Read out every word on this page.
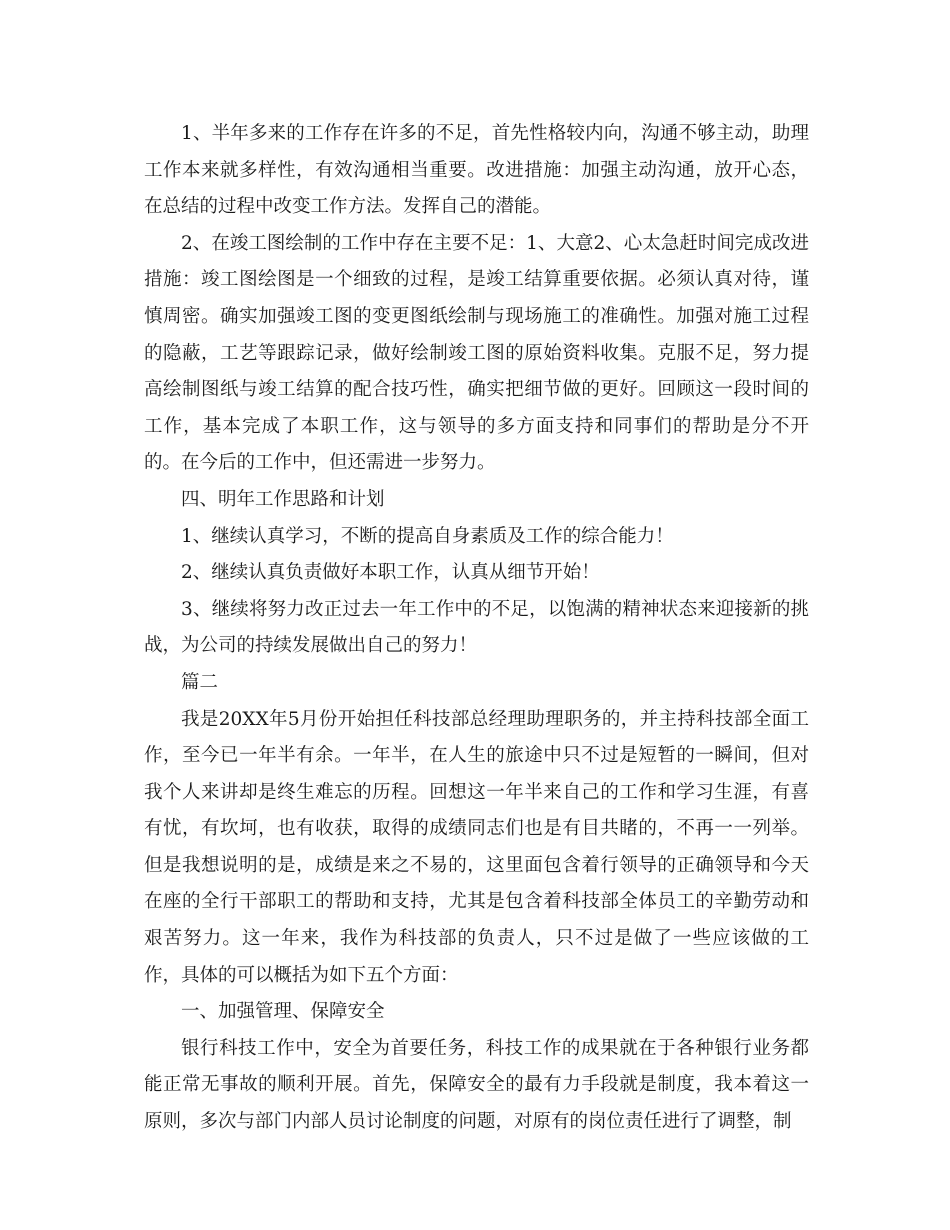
1、半年多来的工作存在许多的不足，首先性格较内向，沟通不够主动，助理工作本来就多样性，有效沟通相当重要。改进措施：加强主动沟通，放开心态，在总结的过程中改变工作方法。发挥自己的潜能。

2、在竣工图绘制的工作中存在主要不足：1、大意2、心太急赶时间完成改进措施：竣工图绘图是一个细致的过程，是竣工结算重要依据。必须认真对待，谨慎周密。确实加强竣工图的变更图纸绘制与现场施工的准确性。加强对施工过程的隐蔽，工艺等跟踪记录，做好绘制竣工图的原始资料收集。克服不足，努力提高绘制图纸与竣工结算的配合技巧性，确实把细节做的更好。回顾这一段时间的工作，基本完成了本职工作，这与领导的多方面支持和同事们的帮助是分不开的。在今后的工作中，但还需进一步努力。

四、明年工作思路和计划

1、继续认真学习，不断的提高自身素质及工作的综合能力！

2、继续认真负责做好本职工作，认真从细节开始！

3、继续将努力改正过去一年工作中的不足，以饱满的精神状态来迎接新的挑战，为公司的持续发展做出自己的努力！

篇二

我是20XX年5月份开始担任科技部总经理助理职务的，并主持科技部全面工作，至今已一年半有余。一年半，在人生的旅途中只不过是短暂的一瞬间，但对我个人来讲却是终生难忘的历程。回想这一年半来自己的工作和学习生涯，有喜有忧，有坎坷，也有收获，取得的成绩同志们也是有目共睹的，不再一一列举。但是我想说明的是，成绩是来之不易的，这里面包含着行领导的正确领导和今天在座的全行干部职工的帮助和支持，尤其是包含着科技部全体员工的辛勤劳动和艰苦努力。这一年来，我作为科技部的负责人，只不过是做了一些应该做的工作，具体的可以概括为如下五个方面：

一、加强管理、保障安全

银行科技工作中，安全为首要任务，科技工作的成果就在于各种银行业务都能正常无事故的顺利开展。首先，保障安全的最有力手段就是制度，我本着这一原则，多次与部门内部人员讨论制度的问题，对原有的岗位责任进行了调整，制
